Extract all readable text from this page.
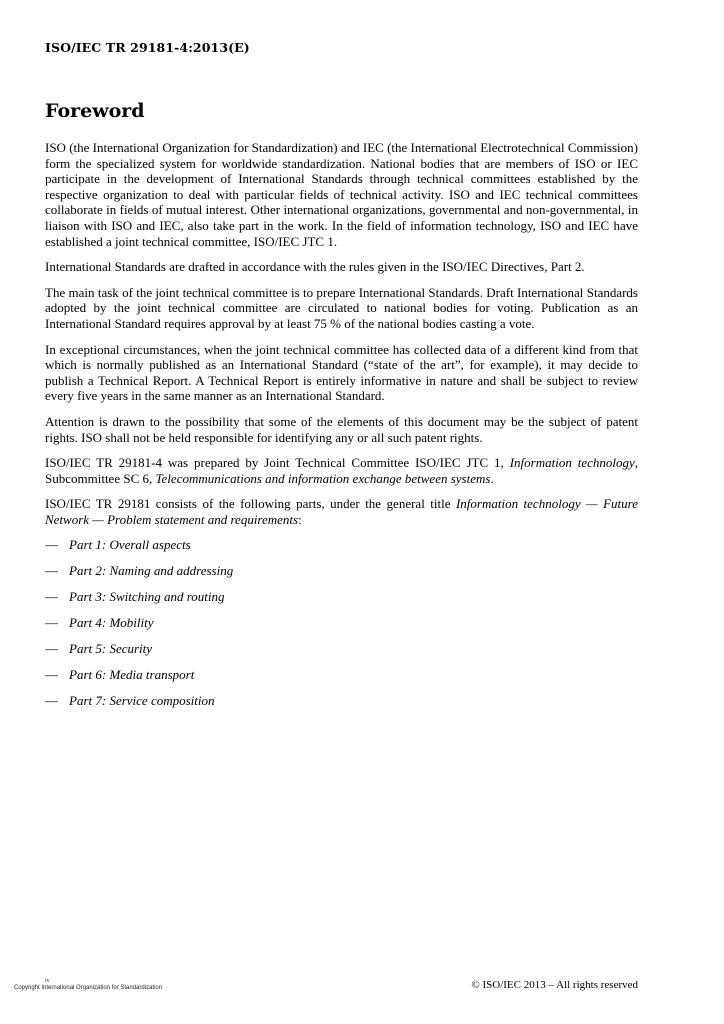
ISO/IEC TR 29181-4:2013(E)
Foreword

ISO (the International Organization for Standardization) and IEC (the International Electrotechnical Commission) form the specialized system for worldwide standardization. National bodies that are members of ISO or IEC participate in the development of International Standards through technical committees established by the respective organization to deal with particular fields of technical activity. ISO and IEC technical committees collaborate in fields of mutual interest. Other international organizations, governmental and non-governmental, in liaison with ISO and IEC, also take part in the work. In the field of information technology, ISO and IEC have established a joint technical committee, ISO/IEC JTC 1.

International Standards are drafted in accordance with the rules given in the ISO/IEC Directives, Part 2.

The main task of the joint technical committee is to prepare International Standards. Draft International Standards adopted by the joint technical committee are circulated to national bodies for voting. Publication as an International Standard requires approval by at least 75 % of the national bodies casting a vote.

In exceptional circumstances, when the joint technical committee has collected data of a different kind from that which is normally published as an International Standard (“state of the art”, for example), it may decide to publish a Technical Report. A Technical Report is entirely informative in nature and shall be subject to review every five years in the same manner as an International Standard.

Attention is drawn to the possibility that some of the elements of this document may be the subject of patent rights. ISO shall not be held responsible for identifying any or all such patent rights.

ISO/IEC TR 29181-4 was prepared by Joint Technical Committee ISO/IEC JTC 1, Information technology, Subcommittee SC 6, Telecommunications and information exchange between systems.

ISO/IEC TR 29181 consists of the following parts, under the general title Information technology — Future Network — Problem statement and requirements:

— Part 1: Overall aspects
— Part 2: Naming and addressing
— Part 3: Switching and routing
— Part 4: Mobility
— Part 5: Security
— Part 6: Media transport
— Part 7: Service composition
iv
Copyright International Organization for Standardization	© ISO/IEC 2013 – All rights reserved
